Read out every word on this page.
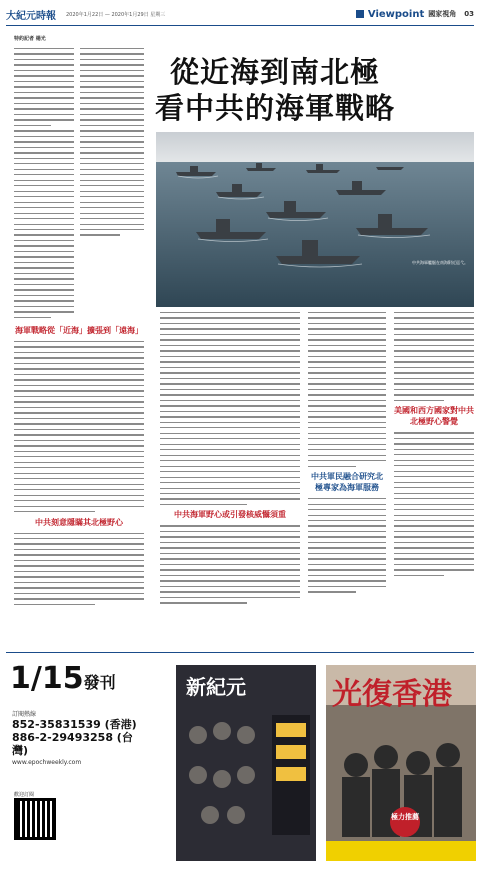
大紀元時報 2020年1月22日 — 2020年1月29日 星期三	Viewpoint 國家視角 03
特約記者 楊光
從近海到南北極
看中共的海軍戰略
中共海軍艦艇在南海附近巡弋。
海軍戰略從「近海」擴張到「遠海」
中共刻意隱瞞其北極野心
中共海軍野心或引發核威懾須重
中共軍民融合研究北極專家為海軍服務
美國和西方國家對中共北極野心警覺
1/15發刊
訂閱熱線
852-35831539 (香港)
886-2-29493258 (台灣)
www.epochweekly.com
歡迎訂閱
新紀元	光復香港
極力推薦
